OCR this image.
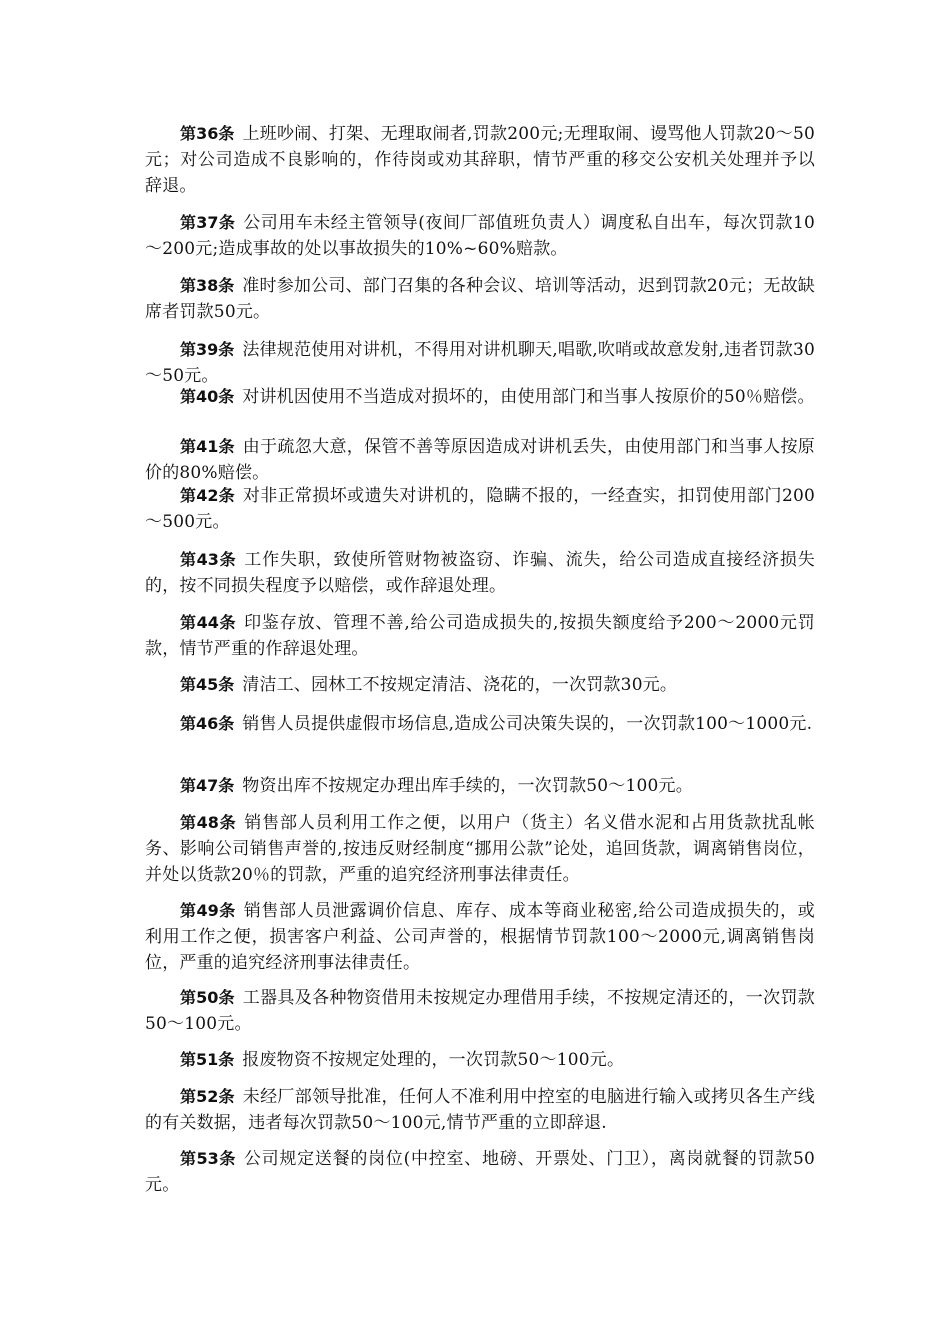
第36条 上班吵闹、打架、无理取闹者,罚款200元;无理取闹、谩骂他人罚款20～50元；对公司造成不良影响的，作待岗或劝其辞职，情节严重的移交公安机关处理并予以辞退。

第37条 公司用车未经主管领导(夜间厂部值班负责人）调度私自出车，每次罚款10～200元;造成事故的处以事故损失的10%~60%赔款。

第38条 准时参加公司、部门召集的各种会议、培训等活动，迟到罚款20元；无故缺席者罚款50元。

第39条 法律规范使用对讲机，不得用对讲机聊天,唱歌,吹哨或故意发射,违者罚款30～50元。

第40条 对讲机因使用不当造成对损坏的，由使用部门和当事人按原价的50％赔偿。

第41条 由于疏忽大意，保管不善等原因造成对讲机丢失，由使用部门和当事人按原价的80%赔偿。

第42条 对非正常损坏或遗失对讲机的，隐瞒不报的，一经查实，扣罚使用部门200～500元。

第43条 工作失职，致使所管财物被盗窃、诈骗、流失，给公司造成直接经济损失的，按不同损失程度予以赔偿，或作辞退处理。

第44条 印鉴存放、管理不善,给公司造成损失的,按损失额度给予200～2000元罚款，情节严重的作辞退处理。

第45条 清洁工、园林工不按规定清洁、浇花的，一次罚款30元。

第46条 销售人员提供虚假市场信息,造成公司决策失误的，一次罚款100～1000元.

第47条 物资出库不按规定办理出库手续的，一次罚款50～100元。

第48条 销售部人员利用工作之便，以用户（货主）名义借水泥和占用货款扰乱帐务、影响公司销售声誉的,按违反财经制度“挪用公款”论处，追回货款，调离销售岗位，并处以货款20％的罚款，严重的追究经济刑事法律责任。

第49条 销售部人员泄露调价信息、库存、成本等商业秘密,给公司造成损失的，或利用工作之便，损害客户利益、公司声誉的，根据情节罚款100～2000元,调离销售岗位，严重的追究经济刑事法律责任。

第50条 工器具及各种物资借用未按规定办理借用手续，不按规定清还的，一次罚款50～100元。

第51条 报废物资不按规定处理的，一次罚款50～100元。

第52条 未经厂部领导批准，任何人不准利用中控室的电脑进行输入或拷贝各生产线的有关数据，违者每次罚款50～100元,情节严重的立即辞退.

第53条 公司规定送餐的岗位(中控室、地磅、开票处、门卫），离岗就餐的罚款50元。
